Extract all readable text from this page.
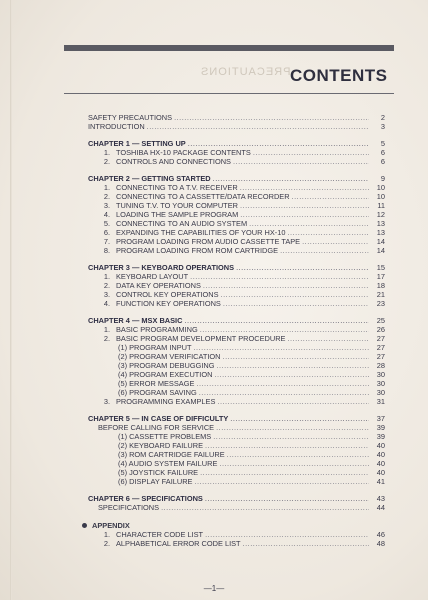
PRECAUTIONS CONTENTS
SAFETY PRECAUTIONS .....	2
INTRODUCTION .....	3
CHAPTER 1 — SETTING UP .....	5
1. TOSHIBA HX-10 PACKAGE CONTENTS .....	6
2. CONTROLS AND CONNECTIONS .....	6
CHAPTER 2 — GETTING STARTED .....	9
1. CONNECTING TO A T.V. RECEIVER .....	10
2. CONNECTING TO A CASSETTE/DATA RECORDER .....	10
3. TUNING T.V. TO YOUR COMPUTER .....	11
4. LOADING THE SAMPLE PROGRAM .....	12
5. CONNECTING TO AN AUDIO SYSTEM .....	13
6. EXPANDING THE CAPABILITIES OF YOUR HX-10 .....	13
7. PROGRAM LOADING FROM AUDIO CASSETTE TAPE .....	14
8. PROGRAM LOADING FROM ROM CARTRIDGE .....	14
CHAPTER 3 — KEYBOARD OPERATIONS .....	15
1. KEYBOARD LAYOUT .....	17
2. DATA KEY OPERATIONS .....	18
3. CONTROL KEY OPERATIONS .....	21
4. FUNCTION KEY OPERATIONS .....	23
CHAPTER 4 — MSX BASIC .....	25
1. BASIC PROGRAMMING .....	26
2. BASIC PROGRAM DEVELOPMENT PROCEDURE .....	27
(1) PROGRAM INPUT .....	27
(2) PROGRAM VERIFICATION .....	27
(3) PROGRAM DEBUGGING .....	28
(4) PROGRAM EXECUTION .....	30
(5) ERROR MESSAGE .....	30
(6) PROGRAM SAVING .....	30
3. PROGRAMMING EXAMPLES .....	31
CHAPTER 5 — IN CASE OF DIFFICULTY .....	37
BEFORE CALLING FOR SERVICE .....	39
(1) CASSETTE PROBLEMS .....	39
(2) KEYBOARD FAILURE .....	40
(3) ROM CARTRIDGE FAILURE .....	40
(4) AUDIO SYSTEM FAILURE .....	40
(5) JOYSTICK FAILURE .....	40
(6) DISPLAY FAILURE .....	41
CHAPTER 6 — SPECIFICATIONS .....	43
SPECIFICATIONS .....	44
APPENDIX
1. CHARACTER CODE LIST .....	46
2. ALPHABETICAL ERROR CODE LIST .....	48
—1—
